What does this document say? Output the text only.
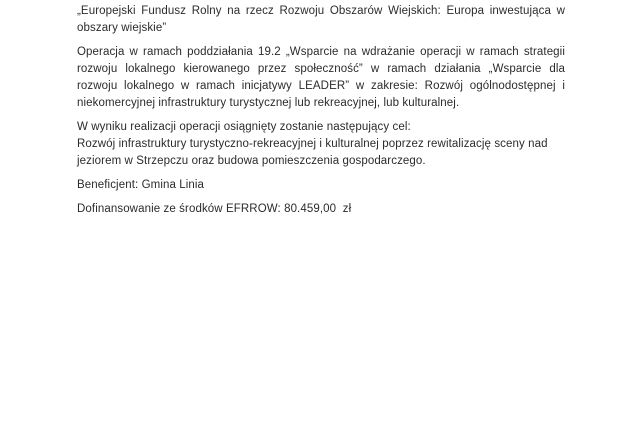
„Europejski Fundusz Rolny na rzecz Rozwoju Obszarów Wiejskich: Europa inwestująca w obszary wiejskie”

Operacja w ramach poddziałania 19.2 „Wsparcie na wdrażanie operacji w ramach strategii rozwoju lokalnego kierowanego przez społeczność” w ramach działania „Wsparcie dla rozwoju lokalnego w ramach inicjatywy LEADER” w zakresie: Rozwój ogólnodostępnej i niekomercyjnej infrastruktury turystycznej lub rekreacyjnej, lub kulturalnej.

W wyniku realizacji operacji osiągnięty zostanie następujący cel:
Rozwój infrastruktury turystyczno-rekreacyjnej i kulturalnej poprzez rewitalizację sceny nad jeziorem w Strzepczu oraz budowa pomieszczenia gospodarczego.

Beneficjent: Gmina Linia

Dofinansowanie ze środków EFRROW: 80.459,00  zł
